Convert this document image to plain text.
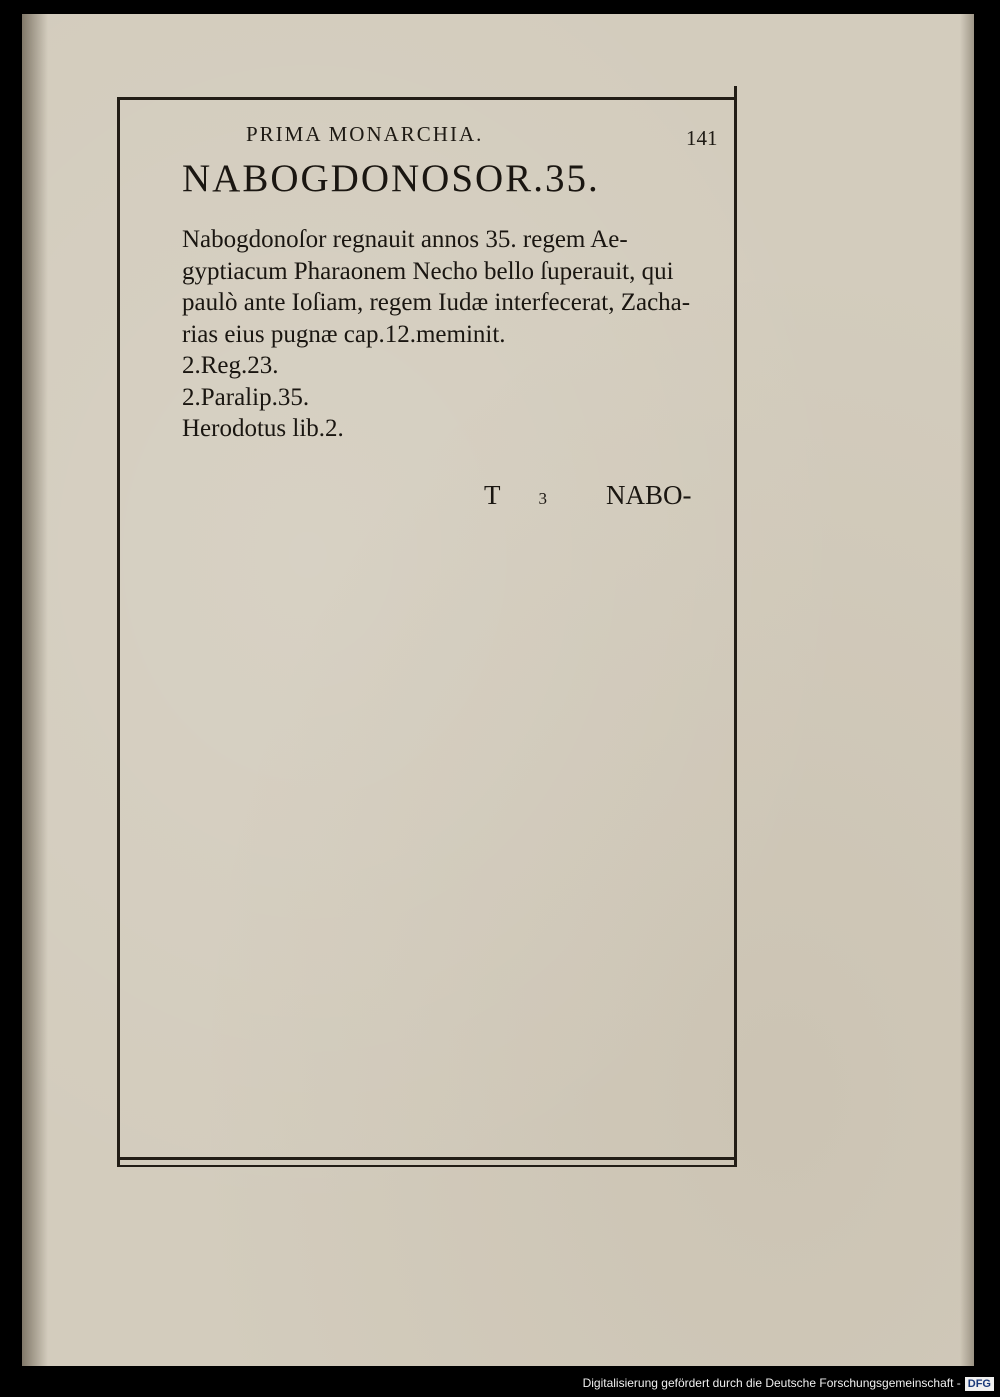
PRIMA MONARCHIA.	141
NABOGDONOSOR.35.

Nabogdonoſor regnauit annos 35. regem Ae-

gyptiacum Pharaonem Necho bello ſuperauit, qui

paulò ante Ioſiam, regem Iudæ interfecerat, Zacha-

rias eius pugnæ cap.12.meminit.

2.Reg.23.

2.Paralip.35.

Herodotus lib.2.

T 3 NABO-
Digitalisierung gefördert durch die Deutsche Forschungsgemeinschaft - DFG
